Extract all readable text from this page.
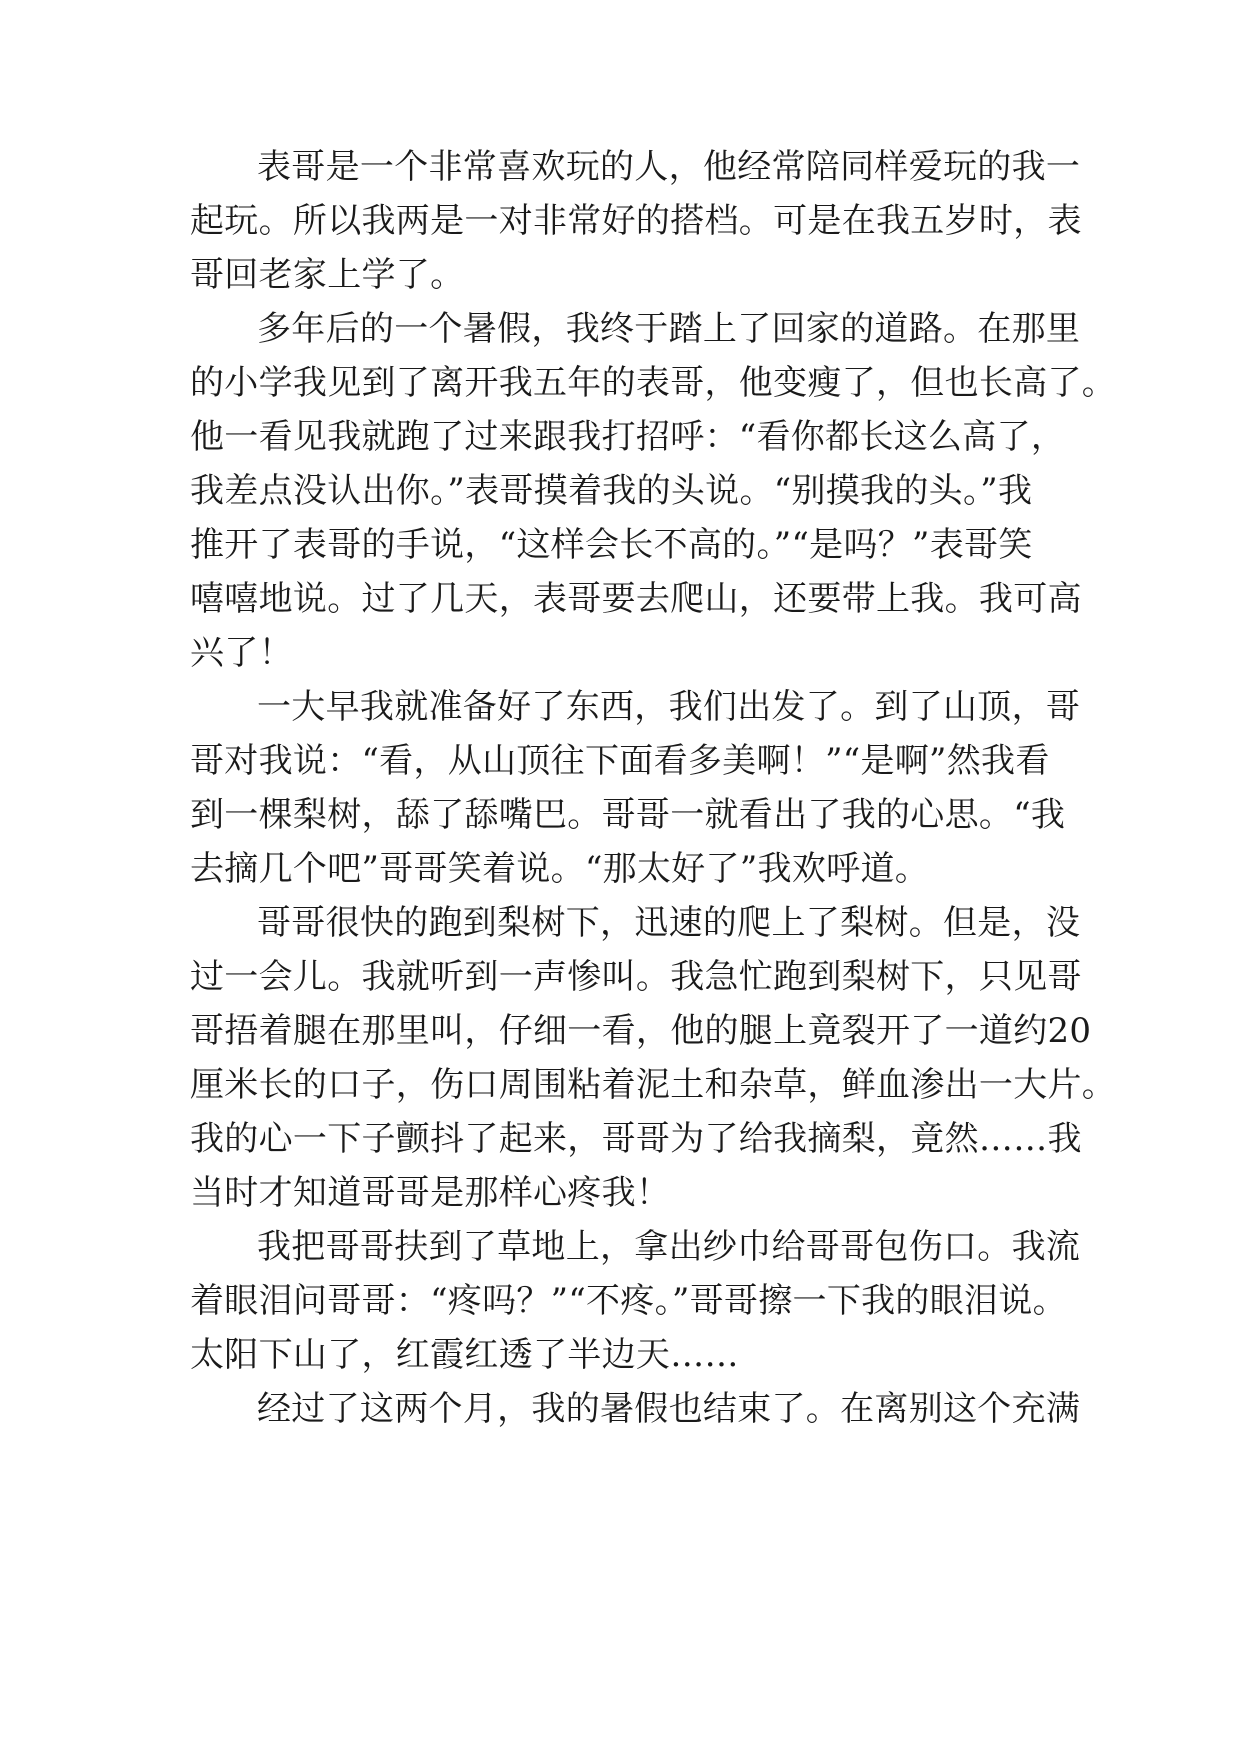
表哥是一个非常喜欢玩的人，他经常陪同样爱玩的我一
起玩。所以我两是一对非常好的搭档。可是在我五岁时，表
哥回老家上学了。
多年后的一个暑假，我终于踏上了回家的道路。在那里
的小学我见到了离开我五年的表哥，他变瘦了，但也长高了。
他一看见我就跑了过来跟我打招呼：“看你都长这么高了，
我差点没认出你。”表哥摸着我的头说。“别摸我的头。”我
推开了表哥的手说，“这样会长不高的。”“是吗？”表哥笑
嘻嘻地说。过了几天，表哥要去爬山，还要带上我。我可高
兴了！
一大早我就准备好了东西，我们出发了。到了山顶，哥
哥对我说：“看，从山顶往下面看多美啊！”“是啊”然我看
到一棵梨树，舔了舔嘴巴。哥哥一就看出了我的心思。“我
去摘几个吧”哥哥笑着说。“那太好了”我欢呼道。
哥哥很快的跑到梨树下，迅速的爬上了梨树。但是，没
过一会儿。我就听到一声惨叫。我急忙跑到梨树下，只见哥
哥捂着腿在那里叫，仔细一看，他的腿上竟裂开了一道约20
厘米长的口子，伤口周围粘着泥土和杂草，鲜血渗出一大片。
我的心一下子颤抖了起来，哥哥为了给我摘梨，竟然……我
当时才知道哥哥是那样心疼我！
我把哥哥扶到了草地上，拿出纱巾给哥哥包伤口。我流
着眼泪问哥哥：“疼吗？”“不疼。”哥哥擦一下我的眼泪说。
太阳下山了，红霞红透了半边天……
经过了这两个月，我的暑假也结束了。在离别这个充满
